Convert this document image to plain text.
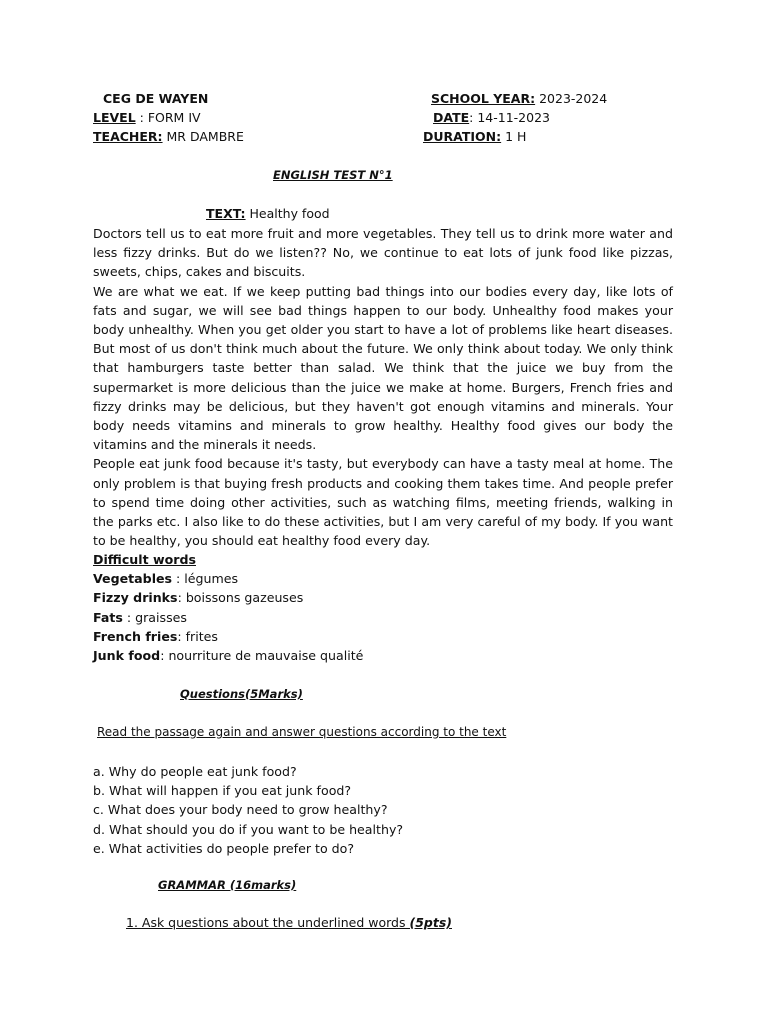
CEG DE WAYEN
LEVEL : FORM IV
TEACHER: MR DAMBRE
SCHOOL YEAR: 2023-2024
DATE: 14-11-2023
DURATION: 1 H
ENGLISH TEST N°1
TEXT: Healthy food

Doctors tell us to eat more fruit and more vegetables. They tell us to drink more water and less fizzy drinks. But do we listen?? No, we continue to eat lots of junk food like pizzas, sweets, chips, cakes and biscuits.

We are what we eat. If we keep putting bad things into our bodies every day, like lots of fats and sugar, we will see bad things happen to our body. Unhealthy food makes your body unhealthy. When you get older you start to have a lot of problems like heart diseases. But most of us don't think much about the future. We only think about today. We only think that hamburgers taste better than salad. We think that the juice we buy from the supermarket is more delicious than the juice we make at home. Burgers, French fries and fizzy drinks may be delicious, but they haven't got enough vitamins and minerals. Your body needs vitamins and minerals to grow healthy. Healthy food gives our body the vitamins and the minerals it needs.

People eat junk food because it's tasty, but everybody can have a tasty meal at home. The only problem is that buying fresh products and cooking them takes time. And people prefer to spend time doing other activities, such as watching films, meeting friends, walking in the parks etc. I also like to do these activities, but I am very careful of my body. If you want to be healthy, you should eat healthy food every day.

Difficult words
Vegetables : légumes
Fizzy drinks: boissons gazeuses
Fats : graisses
French fries: frites
Junk food: nourriture de mauvaise qualité
Questions(5Marks)
Read the passage again and answer questions according to the text
a. Why do people eat junk food?
b. What will happen if you eat junk food?
c. What does your body need to grow healthy?
d. What should you do if you want to be healthy?
e. What activities do people prefer to do?
GRAMMAR (16marks)
1. Ask questions about the underlined words (5pts)
